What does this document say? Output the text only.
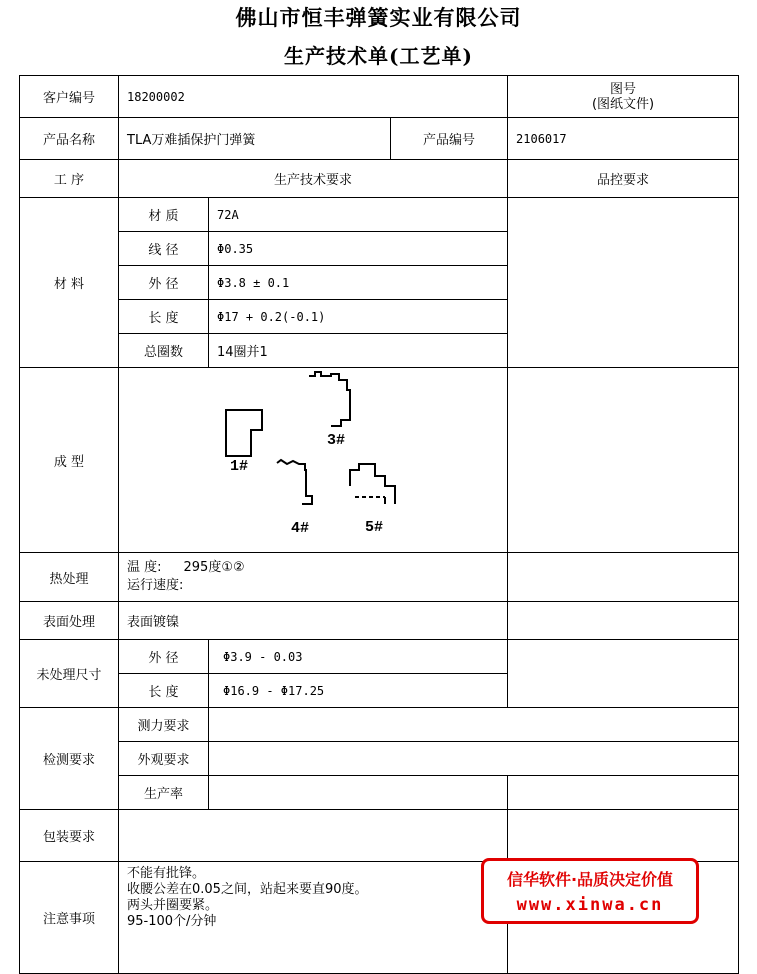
佛山市恒丰弹簧实业有限公司
生产技术单(工艺单)
客户编号	18200002			图号
(图纸文件)

产品名称	TLA万难插保护门弹簧		产品编号	2106017
工 序	生产技术要求			品控要求
材 料	材 质	72A		
	线 径	Φ0.35		
	外 径	Φ3.8 ± 0.1		
	长 度	Φ17 + 0.2(-0.1)		
	总圈数	14圈并1		
成 型	1#
3#
4# 5#			

热处理	温 度: 295度①②
运行速度:			

表面处理	表面镀镍			
未处理尺寸	外 径	Φ3.9 - 0.03		
	长 度	Φ16.9 - Φ17.25		
检测要求	测力要求			
	外观要求			
	生产率			
包装要求				
注意事项	不能有批锋。
收腰公差在0.05之间，站起来要直90度。
两头并圈要紧。
95-100个/分钟			

信华软件·品质决定价值
www.xinwa.cn
